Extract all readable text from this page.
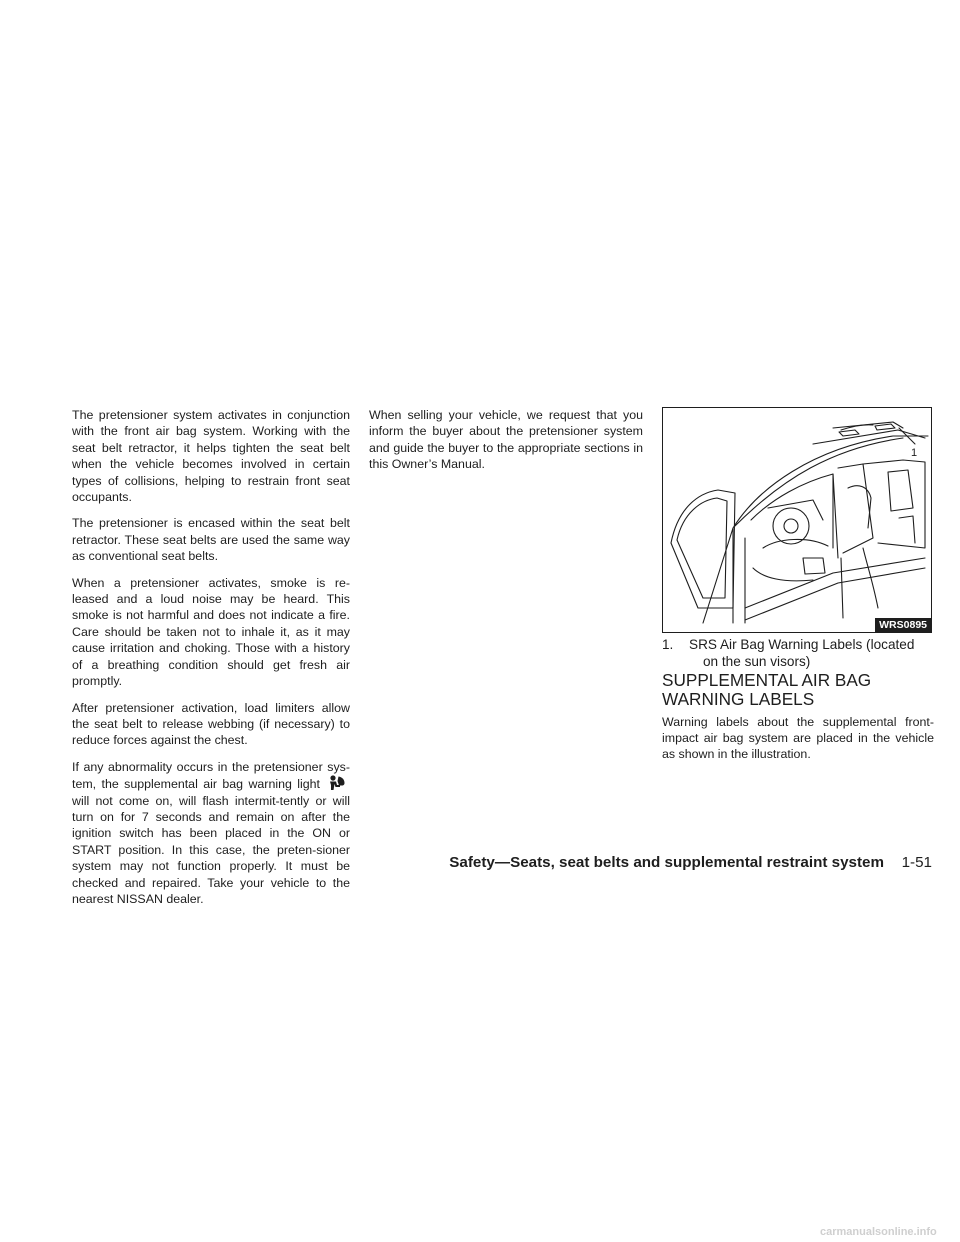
The pretensioner system activates in conjunction with the front air bag system. Working with the seat belt retractor, it helps tighten the seat belt when the vehicle becomes involved in certain types of collisions, helping to restrain front seat occupants.

The pretensioner is encased within the seat belt retractor. These seat belts are used the same way as conventional seat belts.

When a pretensioner activates, smoke is re-leased and a loud noise may be heard. This smoke is not harmful and does not indicate a fire. Care should be taken not to inhale it, as it may cause irritation and choking. Those with a history of a breathing condition should get fresh air promptly.

After pretensioner activation, load limiters allow the seat belt to release webbing (if necessary) to reduce forces against the chest.

If any abnormality occurs in the pretensioner sys-tem, the supplemental air bag warning lightwill not come on, will flash intermit-tently or will turn on for 7 seconds and remain on after the ignition switch has been placed in the ON or START position. In this case, the preten-sioner system may not function properly. It must be checked and repaired. Take your vehicle to the nearest NISSAN dealer.

When selling your vehicle, we request that you inform the buyer about the pretensioner system and guide the buyer to the appropriate sections in this Owner’s Manual.

1
WRS0895
1. SRS Air Bag Warning Labels (located
on the sun visors)
SUPPLEMENTAL AIR BAG
WARNING LABELS

Warning labels about the supplemental front-impact air bag system are placed in the vehicle as shown in the illustration.

Safety—Seats, seat belts and supplemental restraint system 1-51
carmanualsonline.info
